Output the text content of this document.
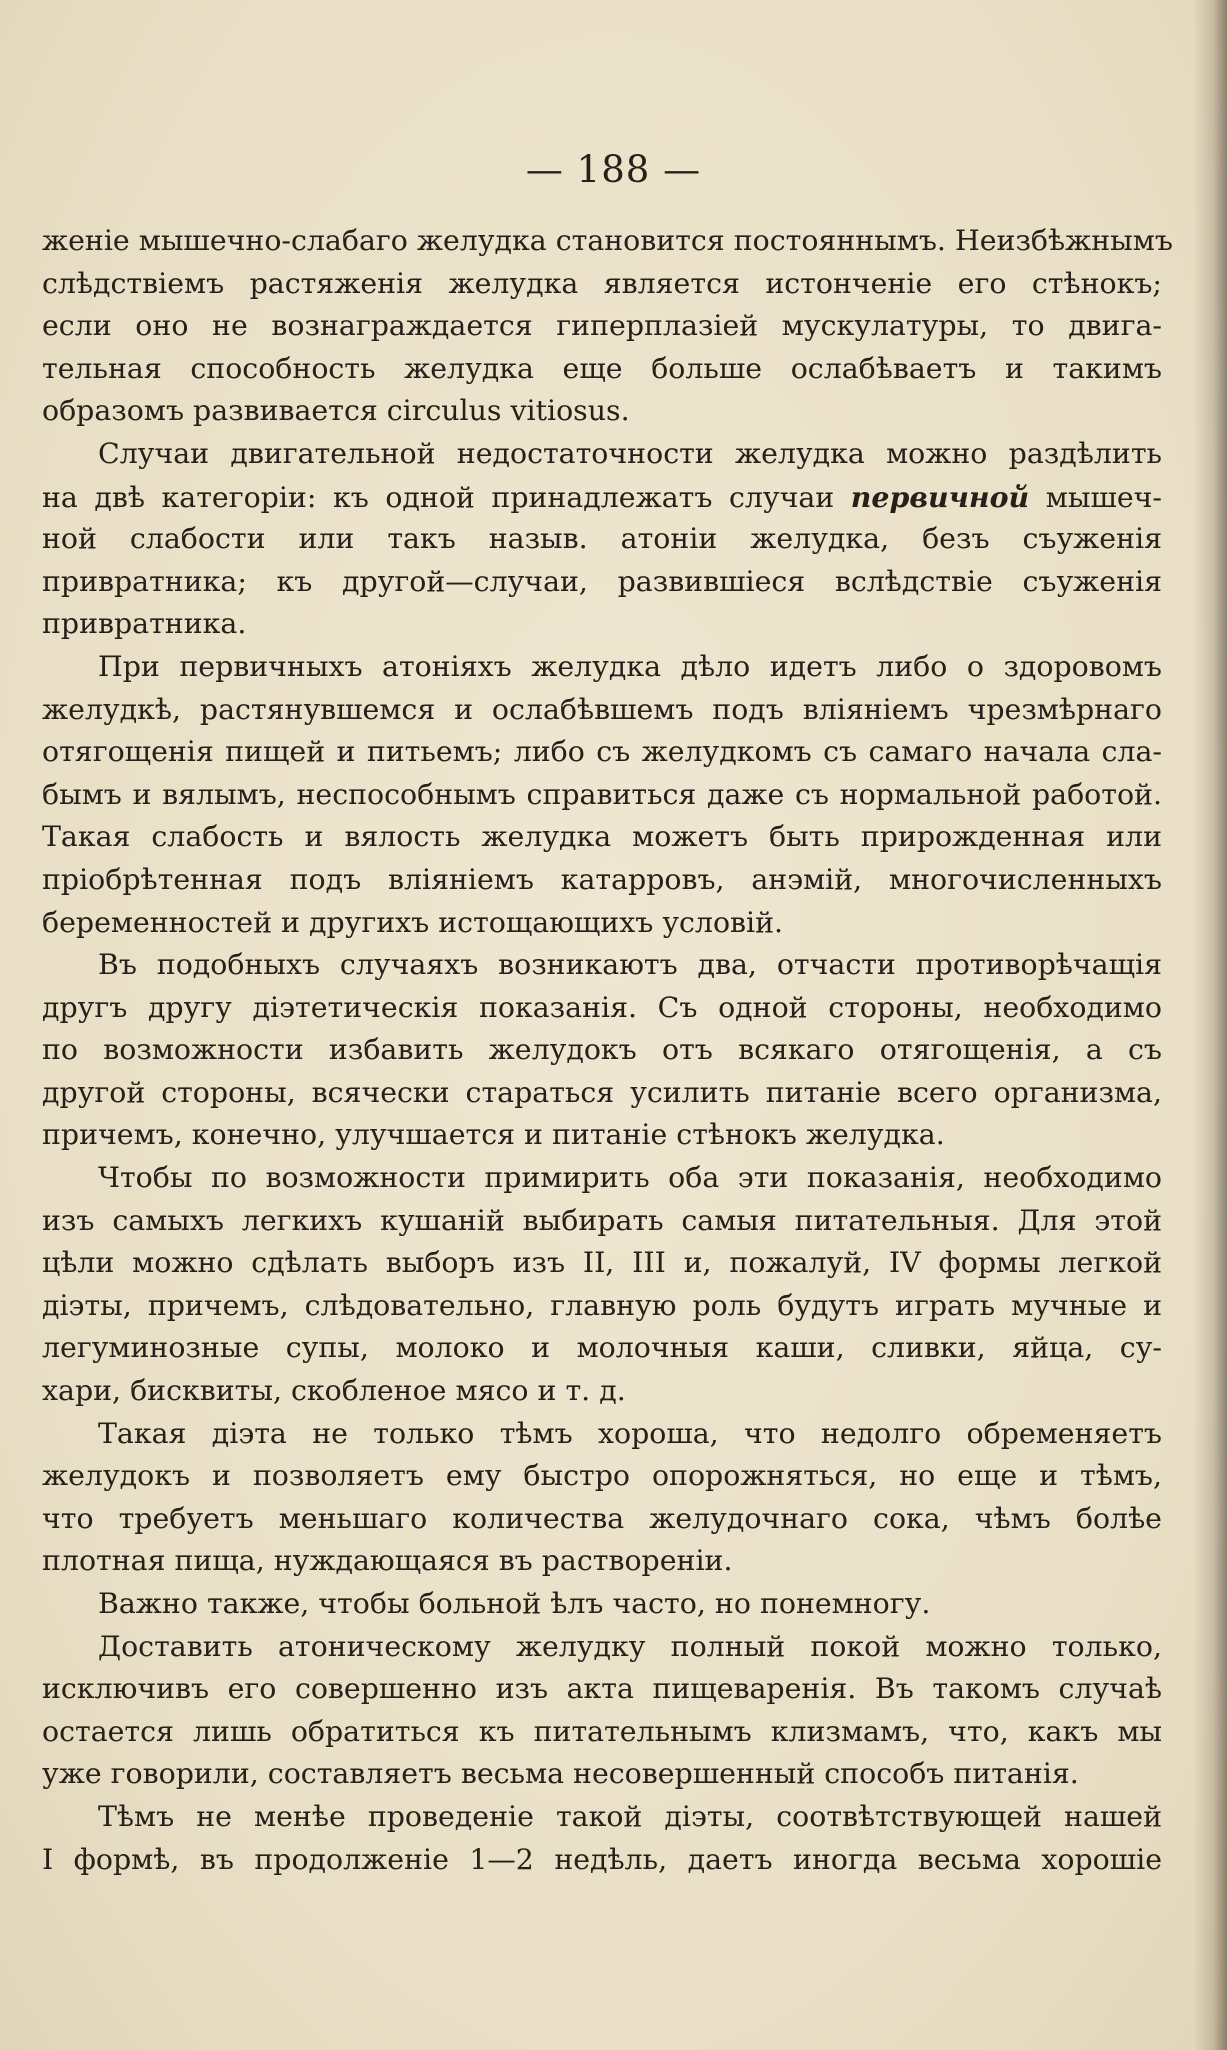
— 188 —
женіе мышечно-слабаго желудка становится постояннымъ. Неизбѣжнымъ
слѣдствіемъ растяженія желудка является истонченіе его стѣнокъ;
если оно не вознаграждается гиперплазіей мускулатуры, то двига-
тельная способность желудка еще больше ослабѣваетъ и такимъ
образомъ развивается circulus vitiosus.
Случаи двигательной недостаточности желудка можно раздѣлить
на двѣ категоріи: къ одной принадлежатъ случаи первичной мышеч-
ной слабости или такъ назыв. атоніи желудка, безъ съуженія
привратника; къ другой—случаи, развившіеся вслѣдствіе съуженія
привратника.
При первичныхъ атоніяхъ желудка дѣло идетъ либо о здоровомъ
желудкѣ, растянувшемся и ослабѣвшемъ подъ вліяніемъ чрезмѣрнаго
отягощенія пищей и питьемъ; либо съ желудкомъ съ самаго начала сла-
бымъ и вялымъ, неспособнымъ справиться даже съ нормальной работой.
Такая слабость и вялость желудка можетъ быть прирожденная или
пріобрѣтенная подъ вліяніемъ катарровъ, анэмій, многочисленныхъ
беременностей и другихъ истощающихъ условій.
Въ подобныхъ случаяхъ возникаютъ два, отчасти противорѣчащія
другъ другу діэтетическія показанія. Съ одной стороны, необходимо
по возможности избавить желудокъ отъ всякаго отягощенія, а съ
другой стороны, всячески стараться усилить питаніе всего организма,
причемъ, конечно, улучшается и питаніе стѣнокъ желудка.
Чтобы по возможности примирить оба эти показанія, необходимо
изъ самыхъ легкихъ кушаній выбирать самыя питательныя. Для этой
цѣли можно сдѣлать выборъ изъ II, III и, пожалуй, IV формы легкой
діэты, причемъ, слѣдовательно, главную роль будутъ играть мучные и
легуминозные супы, молоко и молочныя каши, сливки, яйца, су-
хари, бисквиты, скобленое мясо и т. д.
Такая діэта не только тѣмъ хороша, что недолго обременяетъ
желудокъ и позволяетъ ему быстро опорожняться, но еще и тѣмъ,
что требуетъ меньшаго количества желудочнаго сока, чѣмъ болѣе
плотная пища, нуждающаяся въ раствореніи.
Важно также, чтобы больной ѣлъ часто, но понемногу.
Доставить атоническому желудку полный покой можно только,
исключивъ его совершенно изъ акта пищеваренія. Въ такомъ случаѣ
остается лишь обратиться къ питательнымъ клизмамъ, что, какъ мы
уже говорили, составляетъ весьма несовершенный способъ питанія.
Тѣмъ не менѣе проведеніе такой діэты, соотвѣтствующей нашей
I формѣ, въ продолженіе 1—2 недѣль, даетъ иногда весьма хорошіе
